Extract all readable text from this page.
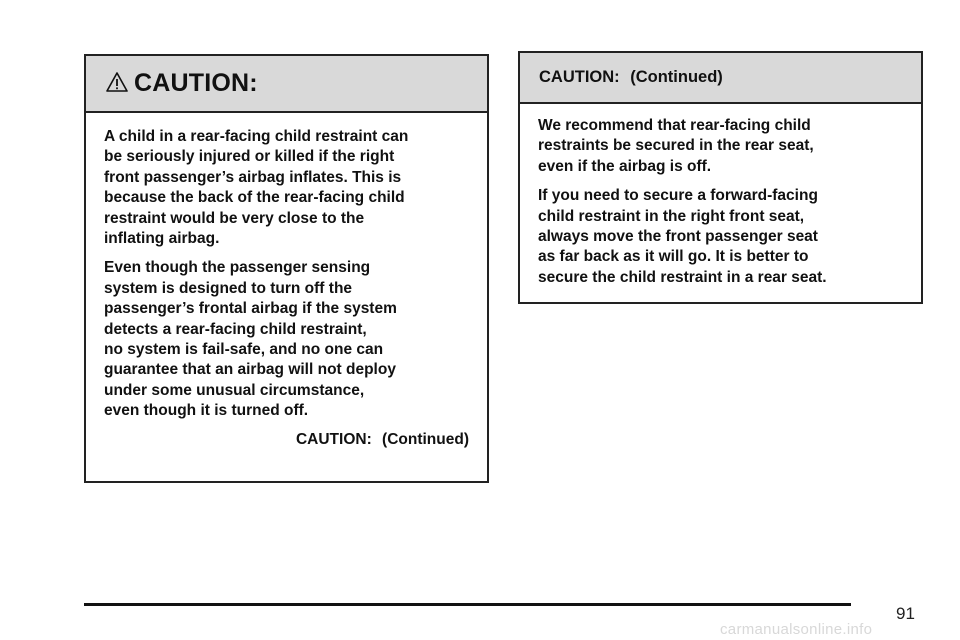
CAUTION:

A child in a rear-facing child restraint can
be seriously injured or killed if the right
front passenger’s airbag inflates. This is
because the back of the rear-facing child
restraint would be very close to the
inflating airbag.

Even though the passenger sensing
system is designed to turn off the
passenger’s frontal airbag if the system
detects a rear-facing child restraint,
no system is fail-safe, and no one can
guarantee that an airbag will not deploy
under some unusual circumstance,
even though it is turned off.

CAUTION: (Continued)
CAUTION: (Continued)

We recommend that rear-facing child
restraints be secured in the rear seat,
even if the airbag is off.

If you need to secure a forward-facing
child restraint in the right front seat,
always move the front passenger seat
as far back as it will go. It is better to
secure the child restraint in a rear seat.

91
carmanualsonline.info
